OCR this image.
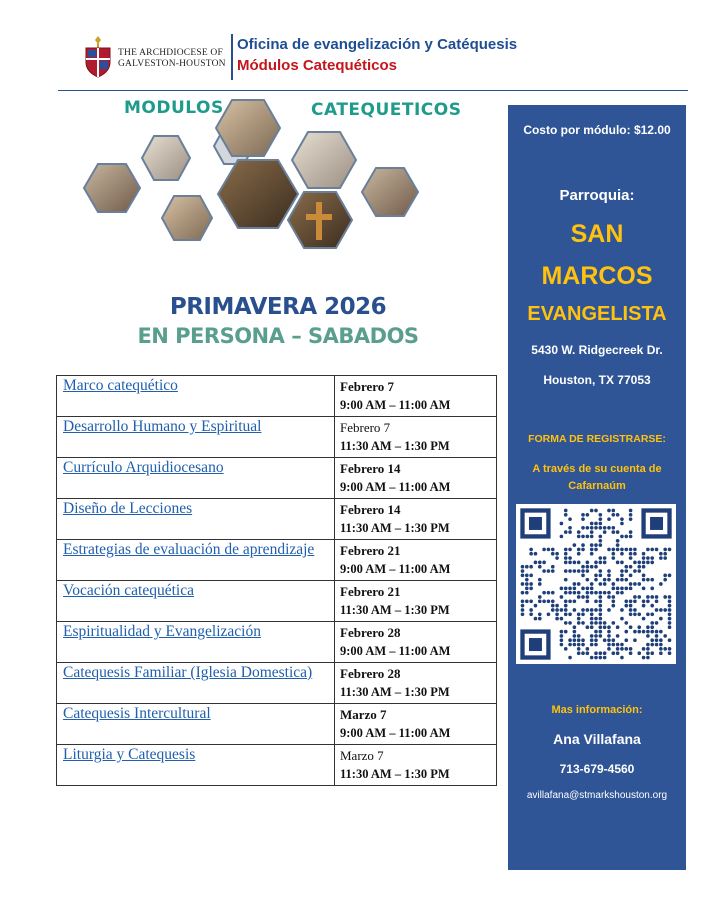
THE ARCHDIOCESE OF
GALVESTON-HOUSTON
Oficina de evangelización y Catéquesis
Módulos Catequéticos
MODULOS	CATEQUETICOS
PRIMAVERA 2026
EN PERSONA – SABADOS
Marco catequético	Febrero 7
9:00 AM – 11:00 AM

Desarrollo Humano y Espiritual	Febrero 7
11:30 AM – 1:30 PM

Currículo Arquidiocesano	Febrero 14
9:00 AM – 11:00 AM

Diseño de Lecciones	Febrero 14
11:30 AM – 1:30 PM

Estrategias de evaluación de aprendizaje	Febrero 21
9:00 AM – 11:00 AM

Vocación catequética	Febrero 21
11:30 AM – 1:30 PM

Espiritualidad y Evangelización	Febrero 28
9:00 AM – 11:00 AM

Catequesis Familiar (Iglesia Domestica)	Febrero 28
11:30 AM – 1:30 PM

Catequesis Intercultural	Marzo 7
9:00 AM – 11:00 AM

Liturgia y Catequesis	Marzo 7
11:30 AM – 1:30 PM
Costo por módulo: $12.00
Parroquia:
SAN
MARCOS
EVANGELISTA
5430 W. Ridgecreek Dr.
Houston, TX 77053
FORMA DE REGISTRARSE:
A través de su cuenta de Cafarnaúm
Mas información:
Ana Villafana
713-679-4560
avillafana@stmarkshouston.org
